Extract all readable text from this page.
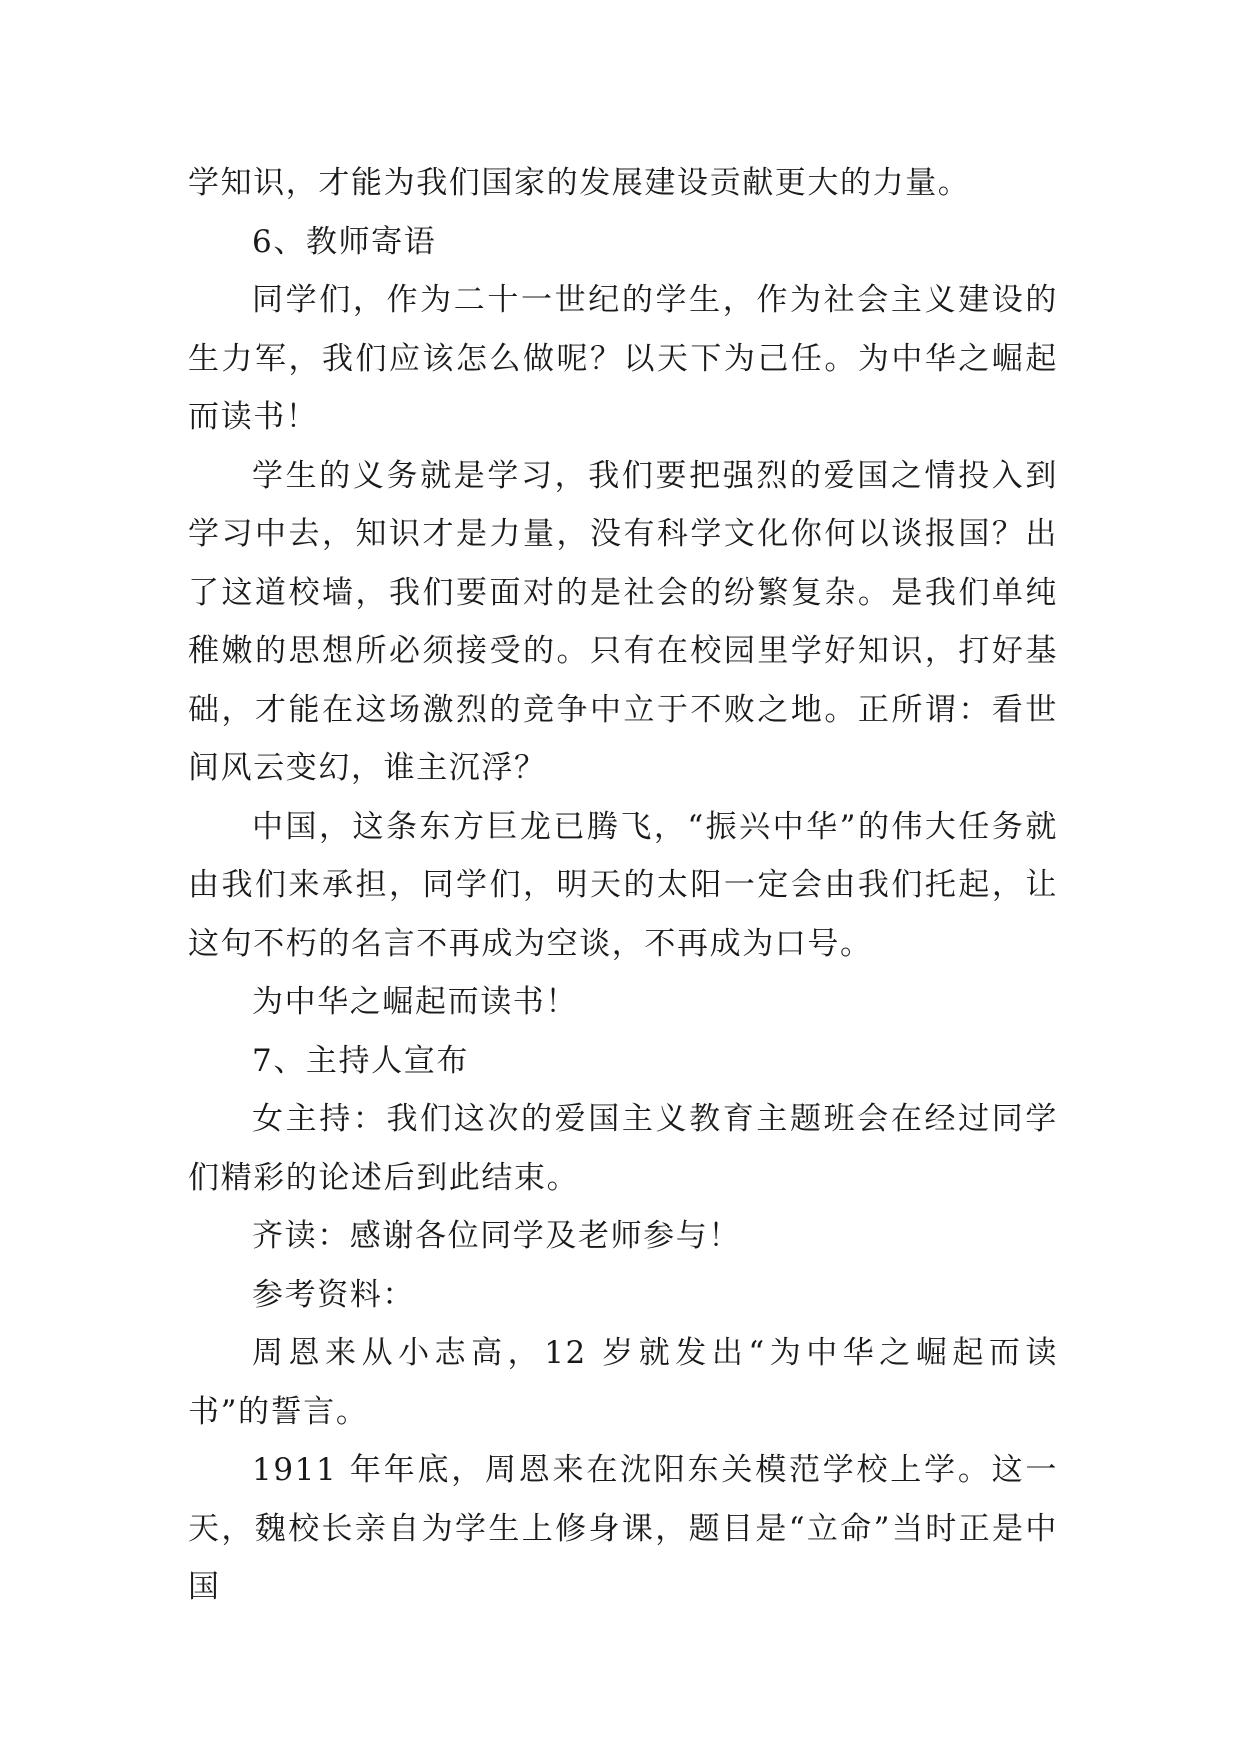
学知识，才能为我们国家的发展建设贡献更大的力量。

6、教师寄语

同学们，作为二十一世纪的学生，作为社会主义建设的生力军，我们应该怎么做呢？以天下为己任。为中华之崛起而读书！

学生的义务就是学习，我们要把强烈的爱国之情投入到学习中去，知识才是力量，没有科学文化你何以谈报国？出了这道校墙，我们要面对的是社会的纷繁复杂。是我们单纯稚嫩的思想所必须接受的。只有在校园里学好知识，打好基础，才能在这场激烈的竞争中立于不败之地。正所谓：看世间风云变幻，谁主沉浮？

中国，这条东方巨龙已腾飞，“振兴中华”的伟大任务就由我们来承担，同学们，明天的太阳一定会由我们托起，让这句不朽的名言不再成为空谈，不再成为口号。

为中华之崛起而读书！

7、主持人宣布

女主持：我们这次的爱国主义教育主题班会在经过同学们精彩的论述后到此结束。

齐读：感谢各位同学及老师参与！

参考资料：

周恩来从小志高，12 岁就发出“为中华之崛起而读书”的誓言。

1911 年年底，周恩来在沈阳东关模范学校上学。这一天，魏校长亲自为学生上修身课，题目是“立命”当时正是中国
